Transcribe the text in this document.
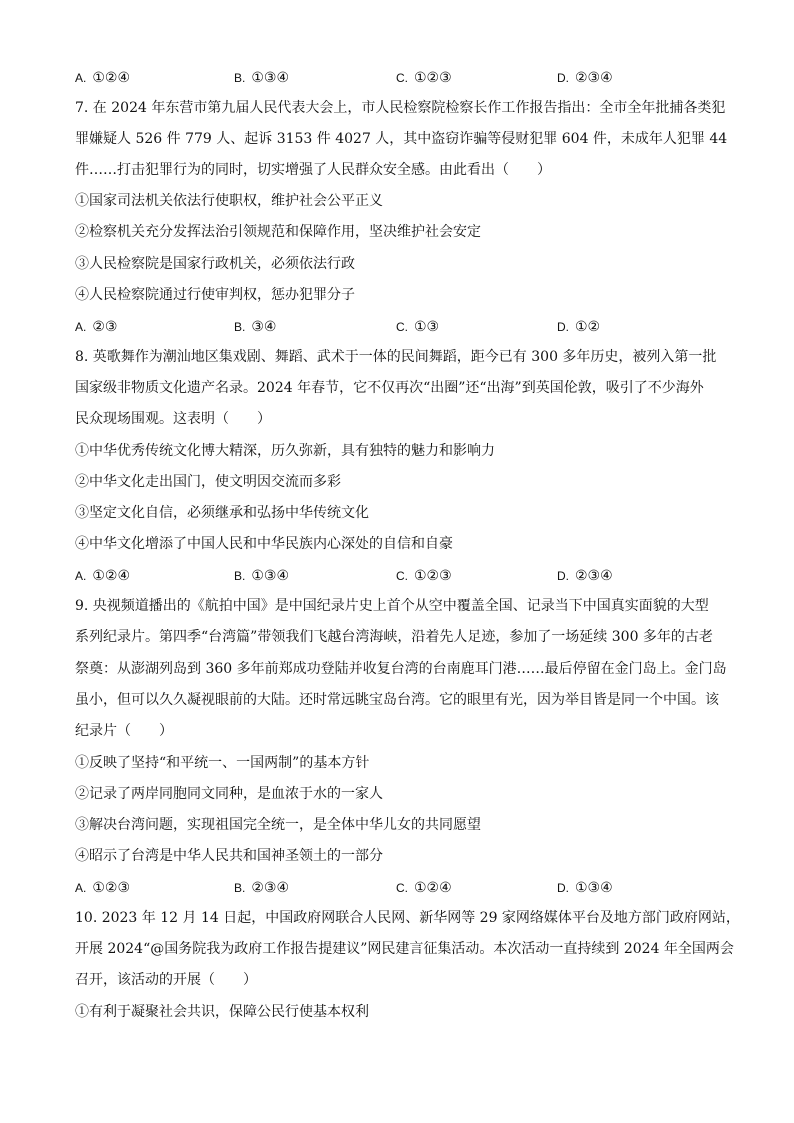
A. ①②④	B. ①③④	C. ①②③	D. ②③④
7. 在 2024 年东营市第九届人民代表大会上，市人民检察院检察长作工作报告指出：全市全年批捕各类犯
罪嫌疑人 526 件 779 人、起诉 3153 件 4027 人，其中盗窃诈骗等侵财犯罪 604 件，未成年人犯罪 44
件……打击犯罪行为的同时，切实增强了人民群众安全感。由此看出（　　）
①国家司法机关依法行使职权，维护社会公平正义
②检察机关充分发挥法治引领规范和保障作用，坚决维护社会安定
③人民检察院是国家行政机关，必须依法行政
④人民检察院通过行使审判权，惩办犯罪分子
A. ②③	B. ③④	C. ①③	D. ①②
8. 英歌舞作为潮汕地区集戏剧、舞蹈、武术于一体的民间舞蹈，距今已有 300 多年历史，被列入第一批
国家级非物质文化遗产名录。2024 年春节，它不仅再次“出圈”还“出海”到英国伦敦，吸引了不少海外
民众现场围观。这表明（　　）
①中华优秀传统文化博大精深，历久弥新，具有独特的魅力和影响力
②中华文化走出国门，使文明因交流而多彩
③坚定文化自信，必须继承和弘扬中华传统文化
④中华文化增添了中国人民和中华民族内心深处的自信和自豪
A. ①②④	B. ①③④	C. ①②③	D. ②③④
9. 央视频道播出的《航拍中国》是中国纪录片史上首个从空中覆盖全国、记录当下中国真实面貌的大型
系列纪录片。第四季“台湾篇”带领我们飞越台湾海峡，沿着先人足迹，参加了一场延续 300 多年的古老
祭奠：从澎湖列岛到 360 多年前郑成功登陆并收复台湾的台南鹿耳门港……最后停留在金门岛上。金门岛
虽小，但可以久久凝视眼前的大陆。还时常远眺宝岛台湾。它的眼里有光，因为举目皆是同一个中国。该
纪录片（　　）
①反映了坚持“和平统一、一国两制”的基本方针
②记录了两岸同胞同文同种，是血浓于水的一家人
③解决台湾问题，实现祖国完全统一，是全体中华儿女的共同愿望
④昭示了台湾是中华人民共和国神圣领土的一部分
A. ①②③	B. ②③④	C. ①②④	D. ①③④
10. 2023 年 12 月 14 日起，中国政府网联合人民网、新华网等 29 家网络媒体平台及地方部门政府网站，
开展 2024“@国务院我为政府工作报告提建议”网民建言征集活动。本次活动一直持续到 2024 年全国两会
召开，该活动的开展（　　）
①有利于凝聚社会共识，保障公民行使基本权利
